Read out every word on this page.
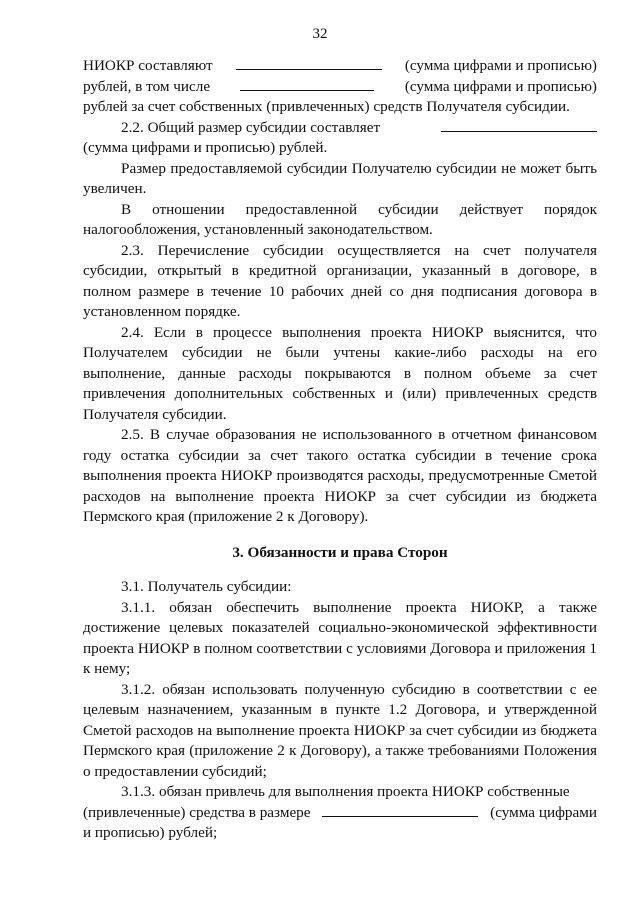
32
НИОКР составляют	(сумма цифрами и прописью)
рублей, в том числе	(сумма цифрами и прописью)

рублей за счет собственных (привлеченных) средств Получателя субсидии.

2.2. Общий размер субсидии составляет

(сумма цифрами и прописью) рублей.

Размер предоставляемой субсидии Получателю субсидии не может быть увеличен.

В отношении предоставленной субсидии действует порядок налогообложения, установленный законодательством.

2.3. Перечисление субсидии осуществляется на счет получателя субсидии, открытый в кредитной организации, указанный в договоре, в полном размере в течение 10 рабочих дней со дня подписания договора в установленном порядке.

2.4. Если в процессе выполнения проекта НИОКР выяснится, что Получателем субсидии не были учтены какие-либо расходы на его выполнение, данные расходы покрываются в полном объеме за счет привлечения дополнительных собственных и (или) привлеченных средств Получателя субсидии.

2.5. В случае образования не использованного в отчетном финансовом году остатка субсидии за счет такого остатка субсидии в течение срока выполнения проекта НИОКР производятся расходы, предусмотренные Сметой расходов на выполнение проекта НИОКР за счет субсидии из бюджета Пермского края (приложение 2 к Договору).

3. Обязанности и права Сторон

3.1. Получатель субсидии:

3.1.1. обязан обеспечить выполнение проекта НИОКР, а также достижение целевых показателей социально-экономической эффективности проекта НИОКР в полном соответствии с условиями Договора и приложения 1 к нему;

3.1.2. обязан использовать полученную субсидию в соответствии с ее целевым назначением, указанным в пункте 1.2 Договора, и утвержденной Сметой расходов на выполнение проекта НИОКР за счет субсидии из бюджета Пермского края (приложение 2 к Договору), а также требованиями Положения о предоставлении субсидий;

3.1.3. обязан привлечь для выполнения проекта НИОКР собственные

(привлеченные) средства в размере	(сумма цифрами

и прописью) рублей;
